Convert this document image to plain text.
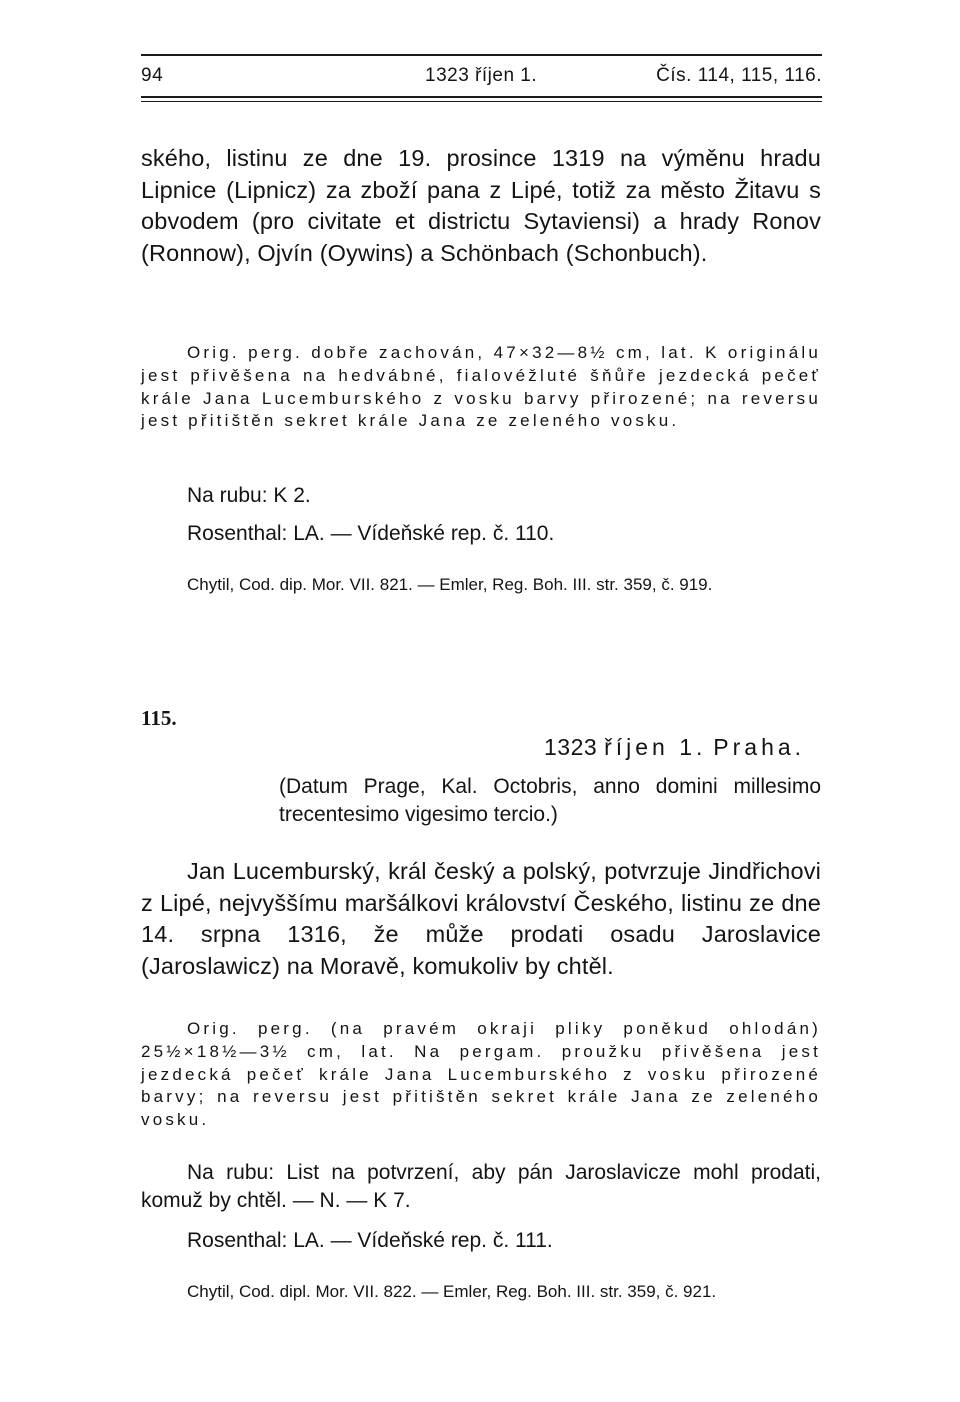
94	1323 říjen 1.	Čís. 114, 115, 116.

ského, listinu ze dne 19. prosince 1319 na výměnu hradu Lipnice (Lipnicz) za zboží pana z Lipé, totiž za město Žitavu s obvodem (pro civitate et districtu Sytaviensi) a hrady Ronov (Ronnow), Ojvín (Oywins) a Schönbach (Schonbuch).

Orig. perg. dobře zachován, 47×32—8½ cm, lat. K originálu jest přivěšena na hedvábné, fialovéžluté šňůře jezdecká pečeť krále Jana Lucemburského z vosku barvy přirozené; na reversu jest přitištěn sekret krále Jana ze zeleného vosku.

Na rubu: K 2.

Rosenthal: LA. — Vídeňské rep. č. 110.

Chytil, Cod. dip. Mor. VII. 821. — Emler, Reg. Boh. III. str. 359, č. 919.

115.
1323 říjen 1. Praha.

(Datum Prage, Kal. Octobris, anno domini millesimo trecentesimo vigesimo tercio.)

Jan Lucemburský, král český a polský, potvrzuje Jindřichovi z Lipé, nejvyššímu maršálkovi království Českého, listinu ze dne 14. srpna 1316, že může prodati osadu Jaroslavice (Jaroslawicz) na Moravě, komukoliv by chtěl.

Orig. perg. (na pravém okraji pliky poněkud ohlodán) 25½×18½—3½ cm, lat. Na pergam. proužku přivěšena jest jezdecká pečeť krále Jana Lucemburského z vosku přirozené barvy; na reversu jest přitištěn sekret krále Jana ze zeleného vosku.

Na rubu: List na potvrzení, aby pán Jaroslavicze mohl prodati, komuž by chtěl. — N. — K 7.

Rosenthal: LA. — Vídeňské rep. č. 111.

Chytil, Cod. dipl. Mor. VII. 822. — Emler, Reg. Boh. III. str. 359, č. 921.
